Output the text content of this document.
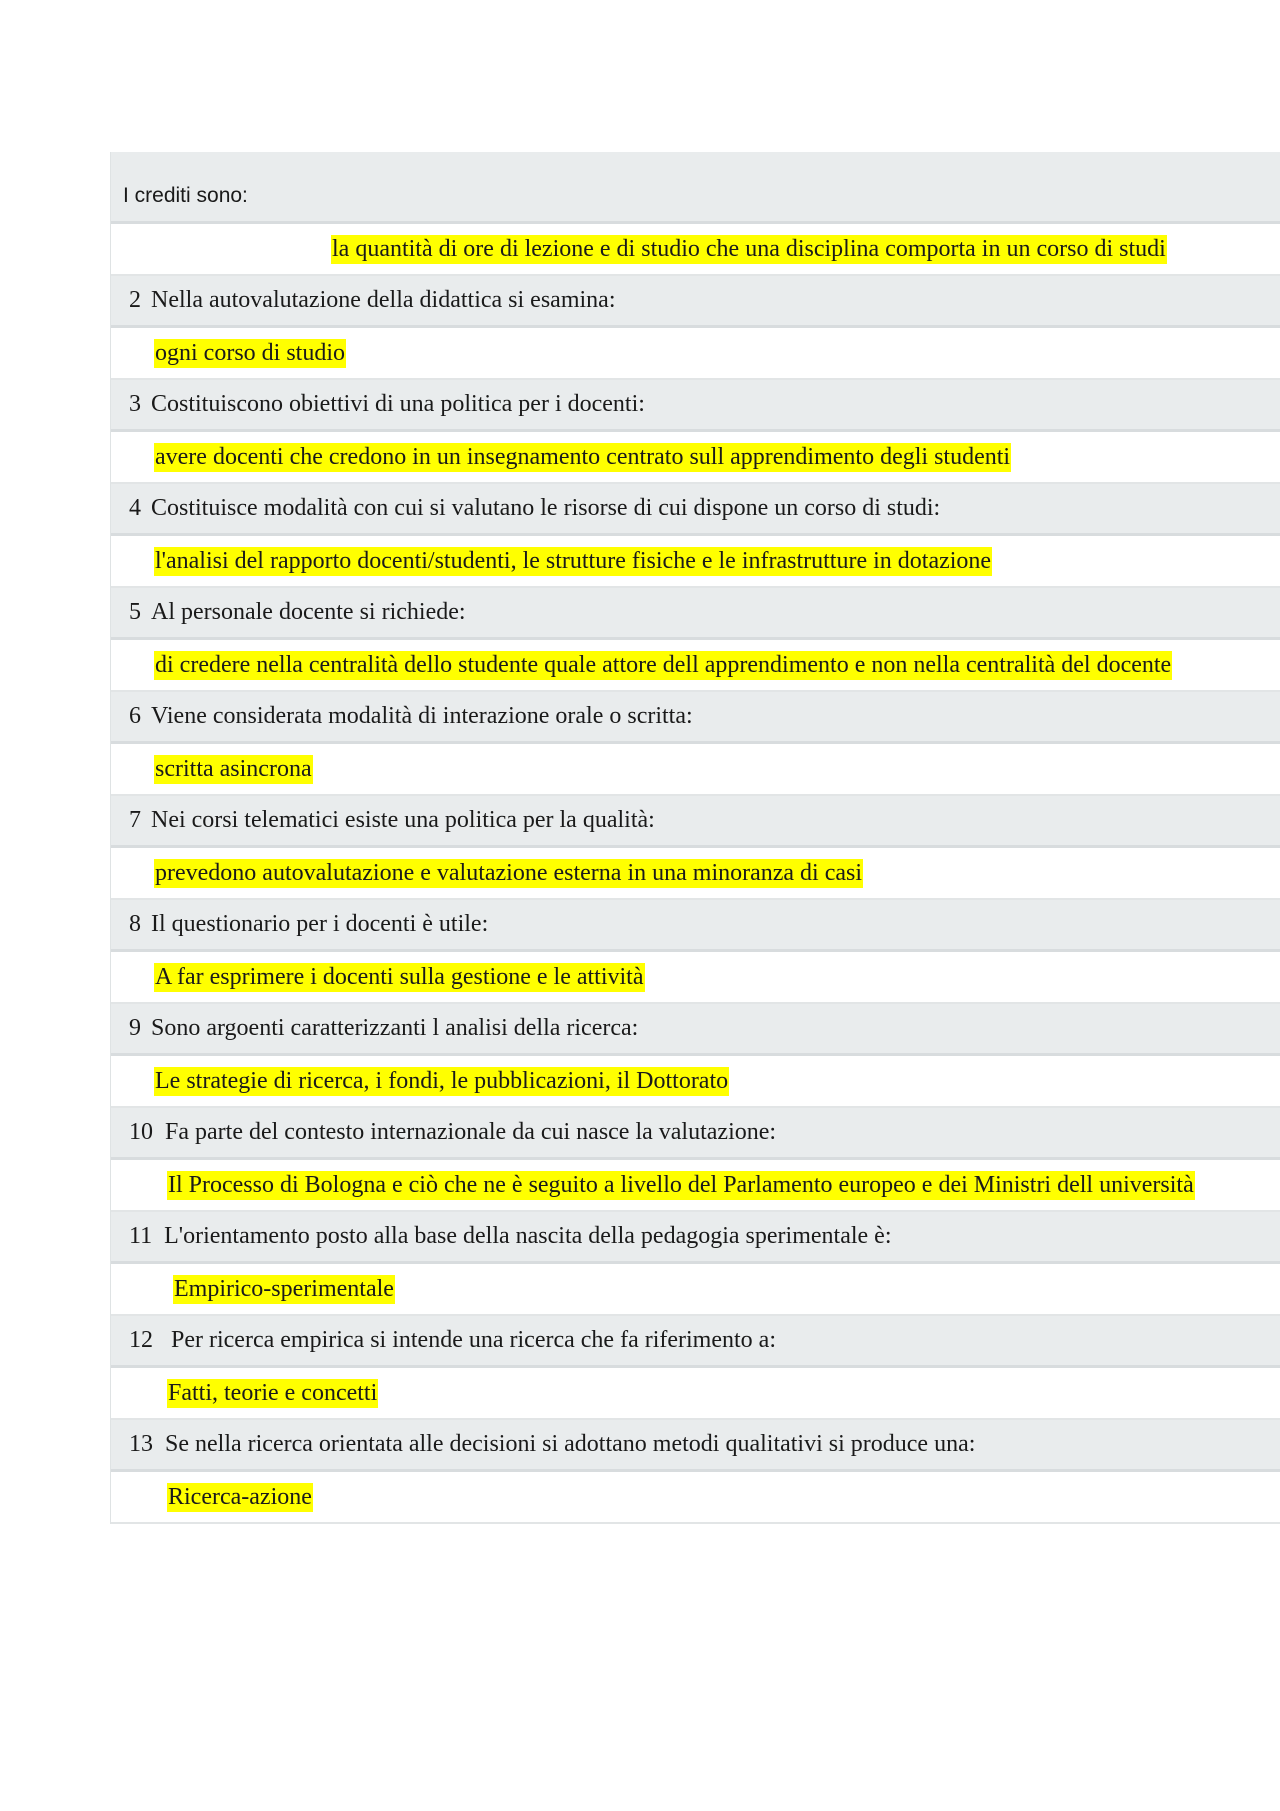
I crediti sono:
la quantità di ore di lezione e di studio che una disciplina comporta in un corso di studi
2 Nella autovalutazione della didattica si esamina:
ogni corso di studio
3 Costituiscono obiettivi di una politica per i docenti:
avere docenti che credono in un insegnamento centrato sull apprendimento degli studenti
4 Costituisce modalità con cui si valutano le risorse di cui dispone un corso di studi:
l'analisi del rapporto docenti/studenti, le strutture fisiche e le infrastrutture in dotazione
5 Al personale docente si richiede:
di credere nella centralità dello studente quale attore dell apprendimento e non nella centralità del docente
6 Viene considerata modalità di interazione orale o scritta:
scritta asincrona
7 Nei corsi telematici esiste una politica per la qualità:
prevedono autovalutazione e valutazione esterna in una minoranza di casi
8 Il questionario per i docenti è utile:
A far esprimere i docenti sulla gestione e le attività
9 Sono argoenti caratterizzanti l analisi della ricerca:
Le strategie di ricerca, i fondi, le pubblicazioni, il Dottorato
10 Fa parte del contesto internazionale da cui nasce la valutazione:
Il Processo di Bologna e ciò che ne è seguito a livello del Parlamento europeo e dei Ministri dell università
11 L'orientamento posto alla base della nascita della pedagogia sperimentale è:
Empirico-sperimentale
12 Per ricerca empirica si intende una ricerca che fa riferimento a:
Fatti, teorie e concetti
13 Se nella ricerca orientata alle decisioni si adottano metodi qualitativi si produce una:
Ricerca-azione
